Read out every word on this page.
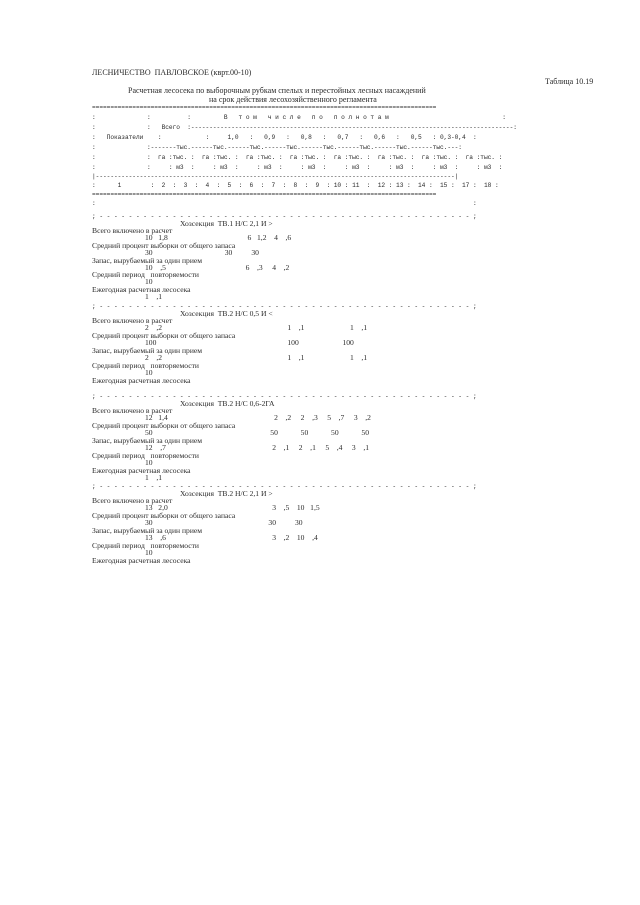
ЛЕСНИЧЕСТВО  ПАВЛОВСКОЕ (кврт.00-10)
Таблица 10.19
Расчетная лесосека по выборочным рубкам спелых и перестойных лесных насаждений
на срок действия лесохозяйственного регламента
==============================================================================================
:              :          :         В   т о м   ч и с л е   п о   п о л н о т а м                               :
:              :   Всего  :----------------------------------------------------------------------------------------:
:   Показатели    :            :     1,0   :   0,9   :   0,8   :   0,7   :   0,6   :   0,5   : 0,3-0,4  :
:              :-------тыс.------тыс.------тыс.------тыс.------тыс.------тыс.------тыс.------тыс.---:
:              :  га :тыс. :  га :тыс. :  га :тыс. :  га :тыс. :  га :тыс. :  га :тыс. :  га :тыс. :  га :тыс. :
:              :     : м3  :     : м3  :     : м3  :     : м3  :     : м3  :     : м3  :     : м3  :     : м3  :
|--------------------------------------------------------------------------------------------------|
:      1        :  2  :  3  :  4  :  5  :  6  :  7  :  8  :  9  : 10 : 11  :  12 : 13 :  14 :  15 :  17 :  18 :
==============================================================================================
:                                                                                                       :
; - - - - - - - - - - - - - - - - - - - - - - - - - - - - - - - - - - - - - - - - - - - - - - - - - - - ;
Хозсекция  ТВ.1 Н/С 2,1 И >
Всего включено в расчет
10   1,8                                          6   1,2    4    ,6
Средний процент выборки от общего запаса
30                                      30          30
Запас, вырубаемый за один прием
10    ,5                                          6    ,3     4    ,2
Средний период   повторяемости
10
Ежегодная расчетная лесосека
1    ,1
; - - - - - - - - - - - - - - - - - - - - - - - - - - - - - - - - - - - - - - - - - - - - - - - - - - - ;
Хозсекция  ТВ.2 Н/С 0,5 И <
Всего включено в расчет
2    ,2                                                                  1    ,1                        1    ,1
Средний процент выборки от общего запаса
100                                                                     100                       100
Запас, вырубаемый за один прием
2    ,2                                                                  1    ,1                        1    ,1
Средний период   повторяемости
10
Ежегодная расчетная лесосека
; - - - - - - - - - - - - - - - - - - - - - - - - - - - - - - - - - - - - - - - - - - - - - - - - - - - ;
Хозсекция  ТВ.2 Н/С 0,6-2ГА
Всего включено в расчет
12   1,4                                                        2    ,2     2    ,3     5    ,7     3    ,2
Средний процент выборки от общего запаса
50                                                              50            50            50            50
Запас, вырубаемый за один прием
12    ,7                                                        2    ,1     2    ,1     5    ,4     3    ,1
Средний период   повторяемости
10
Ежегодная расчетная лесосека
1    ,1
; - - - - - - - - - - - - - - - - - - - - - - - - - - - - - - - - - - - - - - - - - - - - - - - - - - - ;
Хозсекция  ТВ.2 Н/С 2,1 И >
Всего включено в расчет
13   2,0                                                       3    ,5    10   1,5
Средний процент выборки от общего запаса
30                                                             30          30
Запас, вырубаемый за один прием
13    ,6                                                        3    ,2    10    ,4
Средний период   повторяемости
10
Ежегодная расчетная лесосека
